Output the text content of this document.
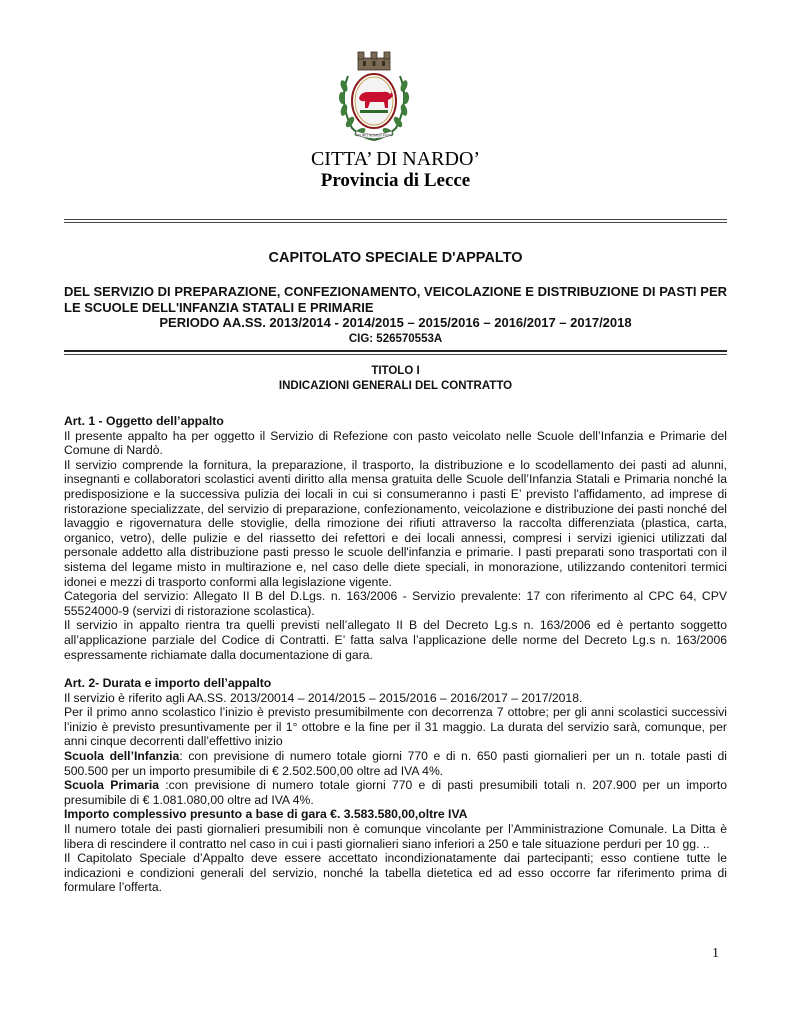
TAURO NOMEN FERT
CITTA’ DI NARDO’
Provincia di Lecce
CAPITOLATO SPECIALE D'APPALTO
DEL SERVIZIO DI PREPARAZIONE, CONFEZIONAMENTO, VEICOLAZIONE E DISTRIBUZIONE DI PASTI PER LE SCUOLE DELL'INFANZIA STATALI E PRIMARIE
PERIODO AA.SS. 2013/2014 - 2014/2015 – 2015/2016 – 2016/2017 – 2017/2018
CIG: 526570553A
TITOLO I
INDICAZIONI GENERALI DEL CONTRATTO
Art. 1 - Oggetto dell’appalto

Il presente appalto ha per oggetto il Servizio di Refezione con pasto veicolato nelle Scuole dell’Infanzia e Primarie del Comune di Nardò.

Il servizio comprende la fornitura, la preparazione, il trasporto, la distribuzione e lo scodellamento dei pasti ad alunni, insegnanti e collaboratori scolastici aventi diritto alla mensa gratuita delle Scuole dell’Infanzia Statali e Primaria nonché la predisposizione e la successiva pulizia dei locali in cui si consumeranno i pasti E’ previsto l'affidamento, ad imprese di ristorazione specializzate, del servizio di preparazione, confezionamento, veicolazione e distribuzione dei pasti nonché del lavaggio e rigovernatura delle stoviglie, della rimozione dei rifiuti attraverso la raccolta differenziata (plastica, carta, organico, vetro), delle pulizie e del riassetto dei refettori e dei locali annessi, compresi i servizi igienici utilizzati dal personale addetto alla distribuzione pasti presso le scuole dell'infanzia e primarie. I pasti preparati sono trasportati con il sistema del legame misto in multirazione e, nel caso delle diete speciali, in monorazione, utilizzando contenitori termici idonei e mezzi di trasporto conformi alla legislazione vigente.

Categoria del servizio: Allegato II B del D.Lgs. n. 163/2006 - Servizio prevalente: 17 con riferimento al CPC 64, CPV 55524000-9 (servizi di ristorazione scolastica).

Il servizio in appalto rientra tra quelli previsti nell’allegato II B del Decreto Lg.s n. 163/2006 ed è pertanto soggetto all’applicazione parziale del Codice di Contratti. E’ fatta salva l’applicazione delle norme del Decreto Lg.s n. 163/2006 espressamente richiamate dalla documentazione di gara.

Art. 2- Durata e importo dell’appalto

Il servizio è riferito agli AA.SS. 2013/20014 – 2014/2015 – 2015/2016 – 2016/2017 – 2017/2018.

Per il primo anno scolastico l’inizio è previsto presumibilmente con decorrenza 7 ottobre; per gli anni scolastici successivi l’inizio è previsto presuntivamente per il 1° ottobre e la fine per il 31 maggio. La durata del servizio sarà, comunque, per anni cinque decorrenti dall’effettivo inizio

Scuola dell’Infanzia: con previsione di numero totale giorni 770 e di n. 650 pasti giornalieri per un n. totale pasti di 500.500 per un importo presumibile di € 2.502.500,00 oltre ad IVA 4%.

Scuola Primaria :con previsione di numero totale giorni 770 e di pasti presumibili totali n. 207.900 per un importo presumibile di € 1.081.080,00 oltre ad IVA 4%.

Importo complessivo presunto a base di gara €. 3.583.580,00,oltre IVA

Il numero totale dei pasti giornalieri presumibili non è comunque vincolante per l’Amministrazione Comunale. La Ditta è libera di rescindere il contratto nel caso in cui i pasti giornalieri siano inferiori a 250 e tale situazione perduri per 10 gg. ..

Il Capitolato Speciale d’Appalto deve essere accettato incondizionatamente dai partecipanti; esso contiene tutte le indicazioni e condizioni generali del servizio, nonché la tabella dietetica ed ad esso occorre far riferimento prima di formulare l’offerta.

1
